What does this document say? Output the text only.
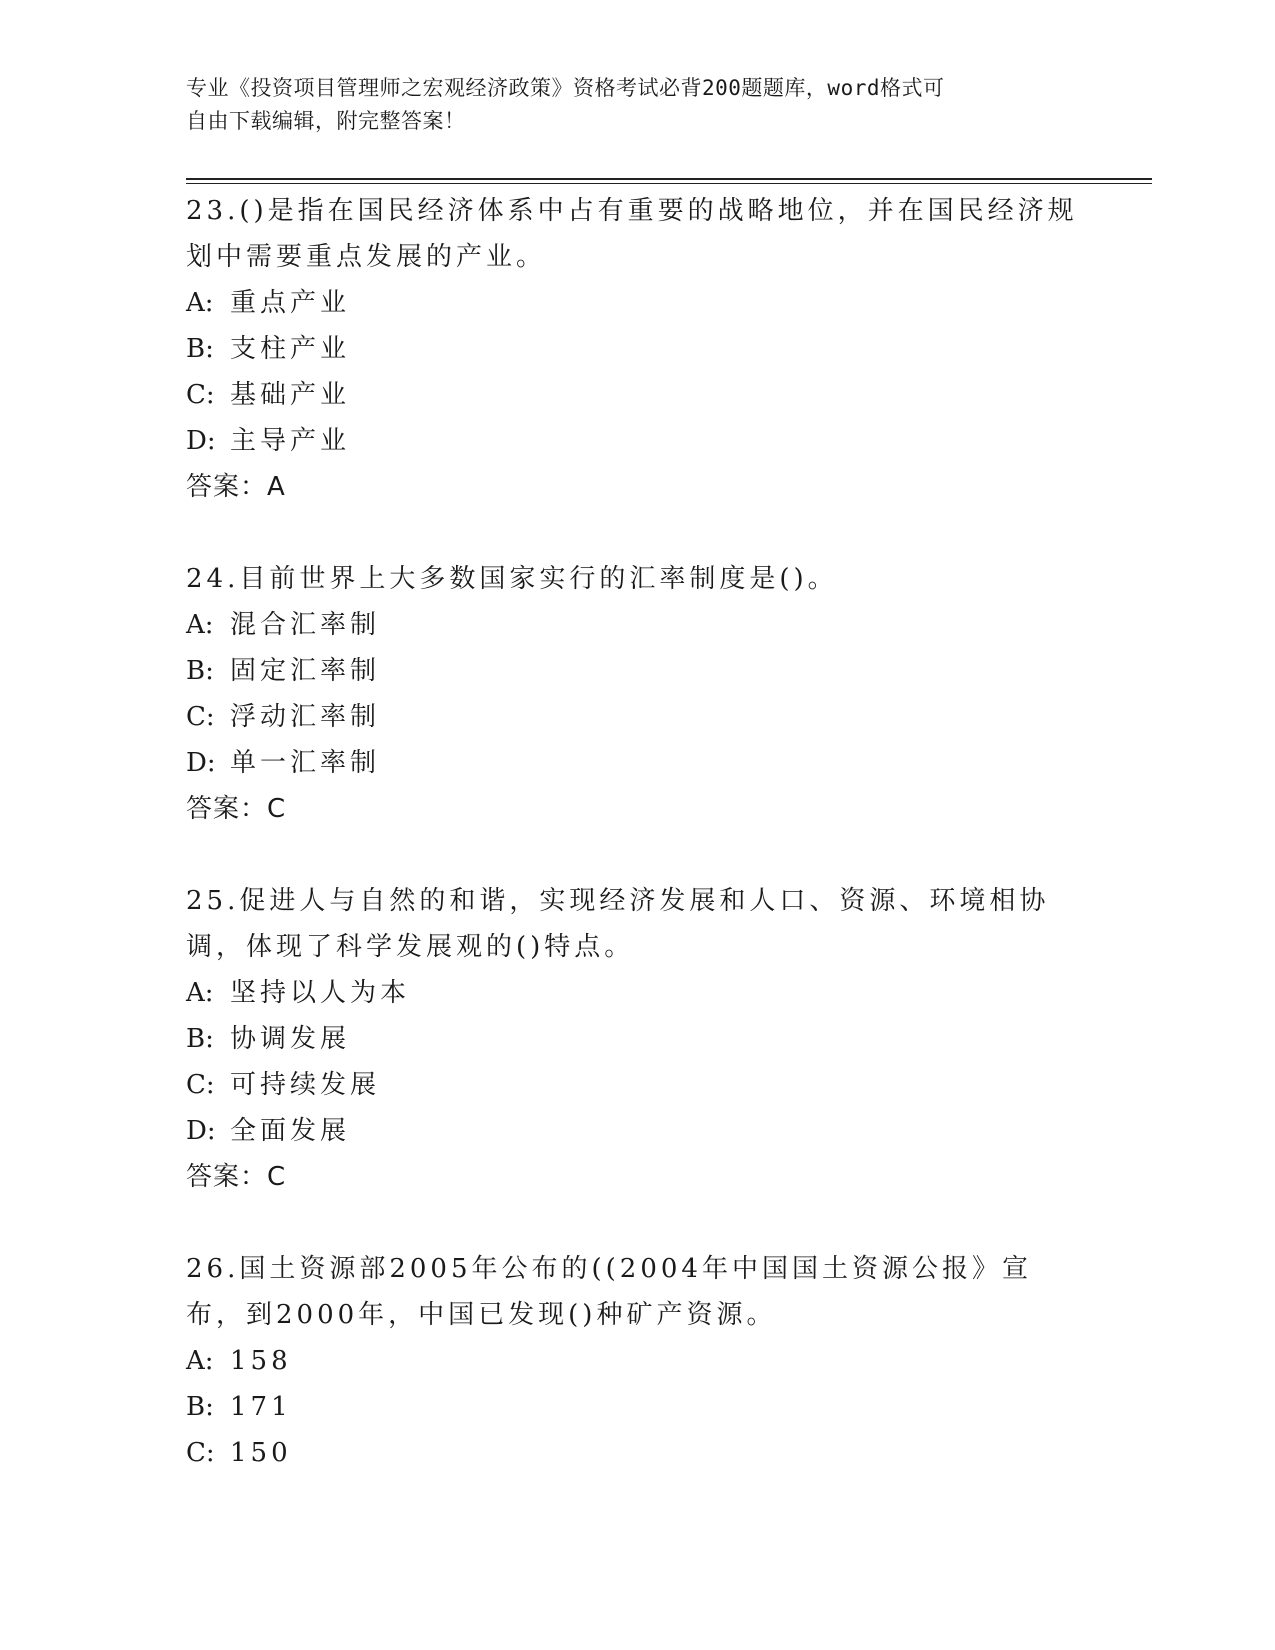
专业《投资项目管理师之宏观经济政策》资格考试必背200题题库，word格式可
自由下载编辑，附完整答案！

23.()是指在国民经济体系中占有重要的战略地位，并在国民经济规划中需要重点发展的产业。

A: 重点产业

B: 支柱产业

C: 基础产业

D: 主导产业

答案：A

24.目前世界上大多数国家实行的汇率制度是()。

A: 混合汇率制

B: 固定汇率制

C: 浮动汇率制

D: 单一汇率制

答案：C

25.促进人与自然的和谐，实现经济发展和人口、资源、环境相协调，体现了科学发展观的()特点。

A: 坚持以人为本

B: 协调发展

C: 可持续发展

D: 全面发展

答案：C

26.国土资源部2005年公布的((2004年中国国土资源公报》宣布，到2000年，中国已发现()种矿产资源。

A: 158

B: 171

C: 150
